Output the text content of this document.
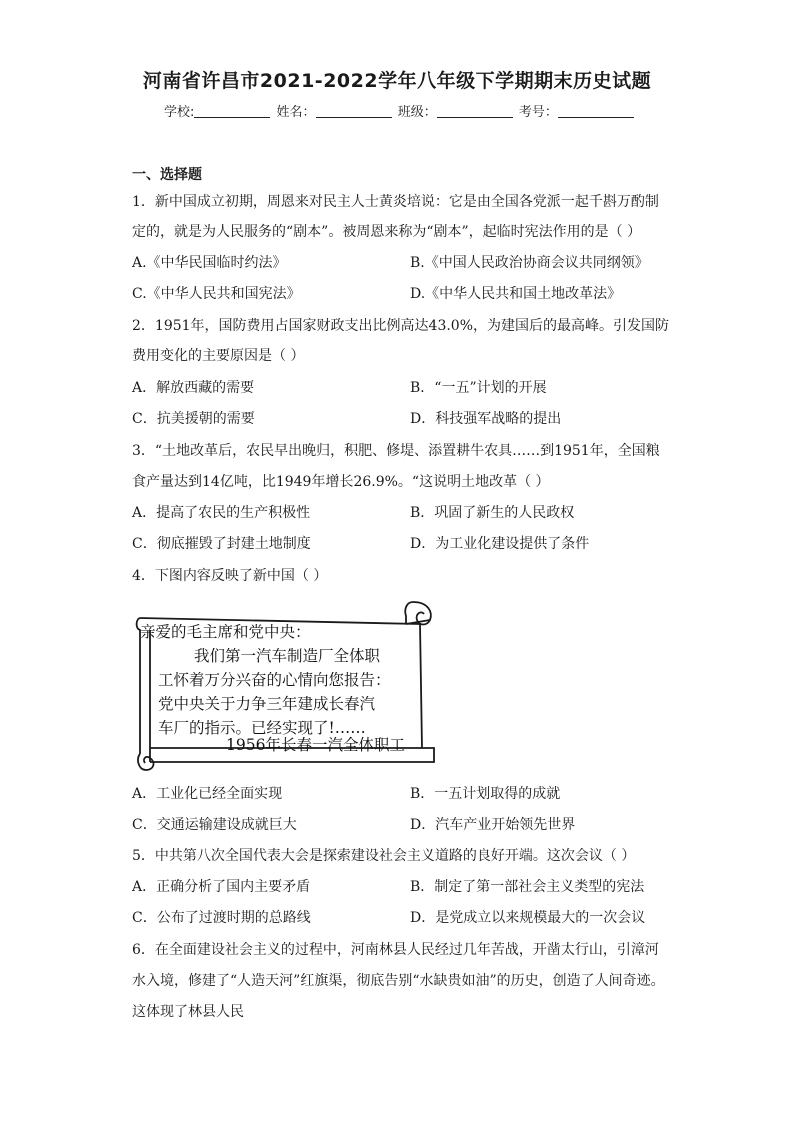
河南省许昌市2021-2022学年八年级下学期期末历史试题
学校:	姓名：	班级：	考号：
一、选择题
1．新中国成立初期，周恩来对民主人士黄炎培说：它是由全国各党派一起千斟万酌制
定的，就是为人民服务的“剧本”。被周恩来称为“剧本”，起临时宪法作用的是（ ）
A.《中华民国临时约法》	B.《中国人民政治协商会议共同纲领》
C.《中华人民共和国宪法》	D.《中华人民共和国土地改革法》
2．1951年，国防费用占国家财政支出比例高达43.0%，为建国后的最高峰。引发国防
费用变化的主要原因是（ ）
A．解放西藏的需要	B．“一五”计划的开展
C．抗美援朝的需要	D．科技强军战略的提出
3．“土地改革后，农民早出晚归，积肥、修堤、添置耕牛农具……到1951年，全国粮
食产量达到14亿吨，比1949年增长26.9%。“这说明土地改革（ ）
A．提高了农民的生产积极性	B．巩固了新生的人民政权
C．彻底摧毁了封建土地制度	D．为工业化建设提供了条件
4．下图内容反映了新中国（ ）
亲爱的毛主席和党中央：
我们第一汽车制造厂全体职
工怀着万分兴奋的心情向您报告：
党中央关于力争三年建成长春汽
车厂的指示。已经实现了!……
1956年长春一汽全体职工
A．工业化已经全面实现	B．一五计划取得的成就
C．交通运输建设成就巨大	D．汽车产业开始领先世界
5．中共第八次全国代表大会是探索建设社会主义道路的良好开端。这次会议（ ）
A．正确分析了国内主要矛盾	B．制定了第一部社会主义类型的宪法
C．公布了过渡时期的总路线	D．是党成立以来规模最大的一次会议
6．在全面建设社会主义的过程中，河南林县人民经过几年苦战，开凿太行山，引漳河
水入境，修建了“人造天河”红旗渠，彻底告别“水缺贵如油”的历史，创造了人间奇迹。
这体现了林县人民
